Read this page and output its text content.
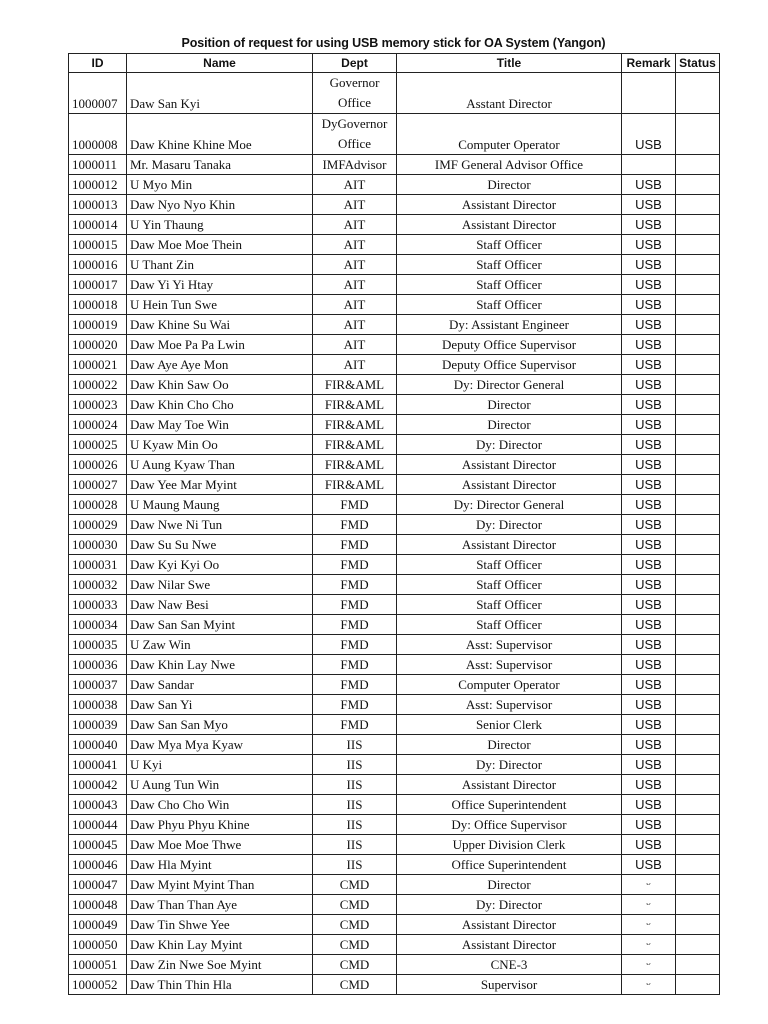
Position of request for using USB memory stick for OA System (Yangon)
ID	Name	Dept	Title	Remark	Status
1000007	Daw San Kyi	Governor Office	Asstant Director		
1000008	Daw Khine Khine Moe	DyGovernor Office	Computer Operator	USB	
1000011	Mr. Masaru Tanaka	IMFAdvisor	IMF General Advisor Office		
1000012	U Myo Min	AIT	Director	USB	
1000013	Daw Nyo Nyo Khin	AIT	Assistant Director	USB	
1000014	U Yin Thaung	AIT	Assistant Director	USB	
1000015	Daw Moe Moe Thein	AIT	Staff Officer	USB	
1000016	U Thant Zin	AIT	Staff Officer	USB	
1000017	Daw Yi Yi Htay	AIT	Staff Officer	USB	
1000018	U Hein Tun Swe	AIT	Staff Officer	USB	
1000019	Daw Khine Su Wai	AIT	Dy: Assistant Engineer	USB	
1000020	Daw Moe Pa Pa Lwin	AIT	Deputy Office Supervisor	USB	
1000021	Daw Aye Aye Mon	AIT	Deputy Office Supervisor	USB	
1000022	Daw Khin Saw Oo	FIR&AML	Dy: Director General	USB	
1000023	Daw Khin Cho Cho	FIR&AML	Director	USB	
1000024	Daw May Toe Win	FIR&AML	Director	USB	
1000025	U Kyaw Min Oo	FIR&AML	Dy: Director	USB	
1000026	U Aung Kyaw Than	FIR&AML	Assistant Director	USB	
1000027	Daw Yee Mar Myint	FIR&AML	Assistant Director	USB	
1000028	U Maung Maung	FMD	Dy: Director General	USB	
1000029	Daw Nwe Ni Tun	FMD	Dy: Director	USB	
1000030	Daw Su Su Nwe	FMD	Assistant Director	USB	
1000031	Daw Kyi Kyi Oo	FMD	Staff Officer	USB	
1000032	Daw Nilar Swe	FMD	Staff Officer	USB	
1000033	Daw Naw Besi	FMD	Staff Officer	USB	
1000034	Daw San San Myint	FMD	Staff Officer	USB	
1000035	U Zaw Win	FMD	Asst: Supervisor	USB	
1000036	Daw Khin Lay Nwe	FMD	Asst: Supervisor	USB	
1000037	Daw Sandar	FMD	Computer Operator	USB	
1000038	Daw San Yi	FMD	Asst: Supervisor	USB	
1000039	Daw San San Myo	FMD	Senior Clerk	USB	
1000040	Daw Mya Mya Kyaw	IIS	Director	USB	
1000041	U Kyi	IIS	Dy: Director	USB	
1000042	U Aung Tun Win	IIS	Assistant Director	USB	
1000043	Daw Cho Cho Win	IIS	Office Superintendent	USB	
1000044	Daw Phyu Phyu Khine	IIS	Dy: Office Supervisor	USB	
1000045	Daw Moe Moe Thwe	IIS	Upper Division Clerk	USB	
1000046	Daw Hla Myint	IIS	Office Superintendent	USB	
1000047	Daw Myint Myint Than	CMD	Director	ᵕ	
1000048	Daw Than Than Aye	CMD	Dy: Director	ᵕ	
1000049	Daw Tin Shwe Yee	CMD	Assistant Director	ᵕ	
1000050	Daw Khin Lay Myint	CMD	Assistant Director	ᵕ	
1000051	Daw Zin Nwe Soe Myint	CMD	CNE-3	ᵕ	
1000052	Daw Thin Thin Hla	CMD	Supervisor	ᵕ	
